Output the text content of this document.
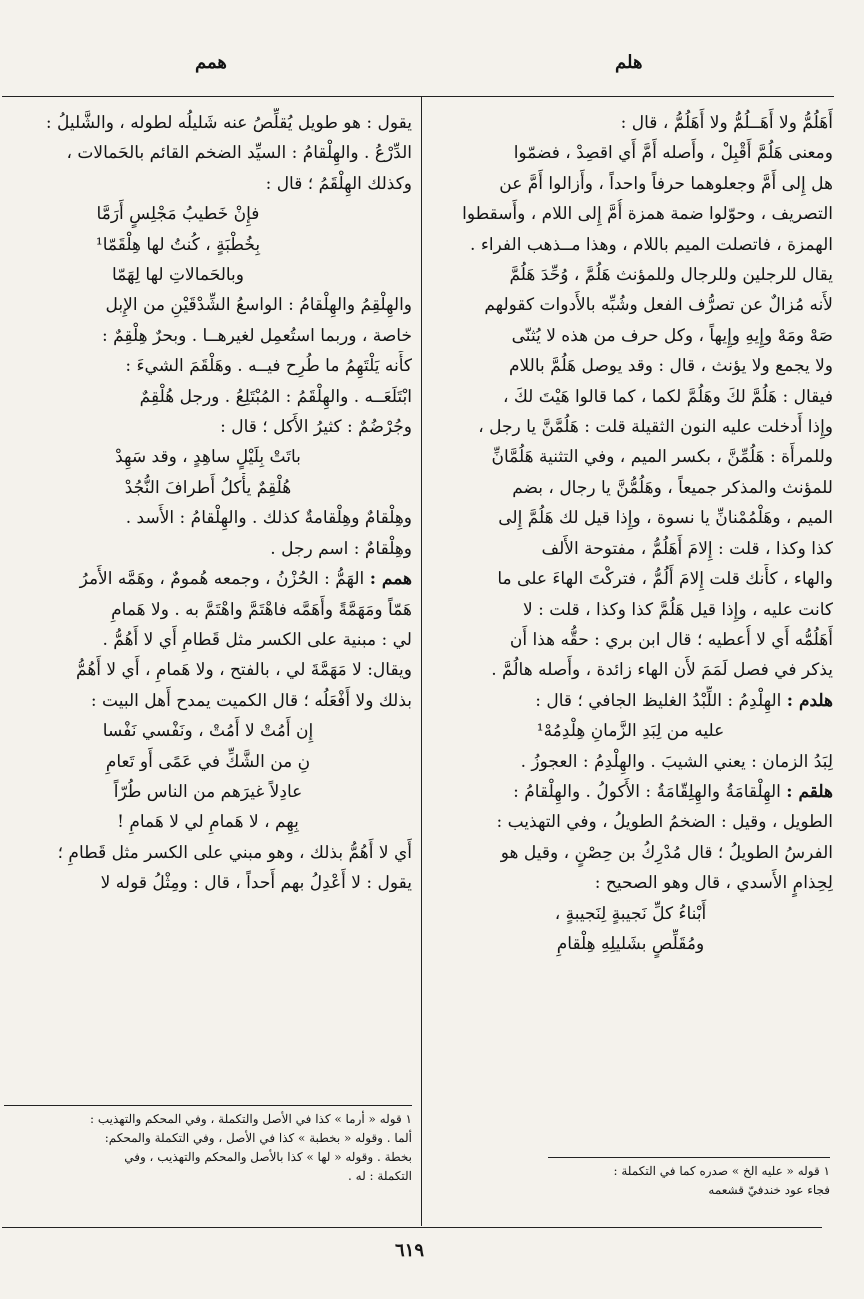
همم	هلم

أَهَلُمُّ ولا أَهَــلُمُّ ولا أَهَلُمُّ ، قال :

ومعنى هَلُمَّ أَقْبِلْ ، وأَصله أَمَّ أَي اقصِدْ ، فضمّوا

هل إِلى أَمَّ وجعلوهما حرفاً واحداً ، وأَزالوا أَمَّ عن

التصريف ، وحوّلوا ضمة همزة أُمَّ إِلى اللام ، وأَسقطوا

الهمزة ، فاتصلت الميم باللام ، وهذا مــذهب الفراء .

يقال للرجلين وللرجال وللمؤنث هَلُمَّ ، وُحِّدَ هَلُمَّ

لأَنه مُزالٌ عن تصرُّف الفعل وشُبِّه بالأَدوات كقولهم

صَهْ ومَهْ وإِيهِ وإِيهاً ، وكل حرف من هذه لا يُثنّى

ولا يجمع ولا يؤنث ، قال : وقد يوصل هَلُمَّ باللام

فيقال : هَلُمَّ لكَ وهَلُمَّ لكما ، كما قالوا هَيْتَ لكَ ،

وإِذا أَدخلت عليه النون الثقيلة قلت : هَلُمَّنَّ يا رجل ،

وللمرأَة : هَلُمِّنَّ ، بكسر الميم ، وفي التثنية هَلُمَّانِّ

للمؤنث والمذكر جميعاً ، وهَلُمُّنَّ يا رجال ، بضم

الميم ، وهَلْمُمْنانِّ يا نسوة ، وإِذا قيل لك هَلُمَّ إِلى

كذا وكذا ، قلت : إِلامَ أَهَلُمُّ ، مفتوحة الأَلف

والهاء ، كأَنك قلت إِلامَ أَلُمُّ ، فتركْتَ الهاءَ على ما

كانت عليه ، وإِذا قيل هَلُمَّ كذا وكذا ، قلت : لا

أَهَلُمُّه أَي لا أُعطيه ؛ قال ابن بري : حقُّه هذا أَن

يذكر في فصل لَمَمَ لأَن الهاء زائدة ، وأَصله هالُمَّ .

هلدم : الهِلْدِمُ : اللِّبْدُ الغليظ الجافي ؛ قال :

عليه من لِبَدِ الزَّمانِ هِلْدِمُهْ¹

لِبَدُ الزمان : يعني الشيبَ . والهِلْدِمُ : العجوزُ .

هلقم : الهِلْقامَةُ والهِلِقّامَةُ : الأَكولُ . والهِلْقامُ :

الطويل ، وقيل : الضخمُ الطويلُ ، وفي التهذيب :

الفرسُ الطويلُ ؛ قال مُدْرِكُ بن حِصْنٍ ، وقيل هو

لِحِذامٍ الأَسدي ، قال وهو الصحيح :

أَبْناءُ كلِّ نَجيبةٍ لِنَجيبةٍ ،

ومُقَلِّصٍ بشَليلِهِ هِلْقامِ

يقول : هو طويل يُقلِّصُ عنه شَليلُه لطوله ، والشَّليلُ :

الدِّرْعُ . والهِلْقامُ : السيِّد الضخم القائم بالحَمالات ،

وكذلك الهِلْقَمُ ؛ قال :

فإِنْ خَطيبُ مَجْلِسٍ أَرَمَّا

بِخُطْبَةٍ ، كُنتُ لها هِلْقَمّا¹

وبالحَمالاتِ لها لِهَمّا

والهِلْقِمُ والهِلْقامُ : الواسعُ الشِّدْقَيْنِ من الإِبل

خاصة ، وربما استُعمِل لغيرهــا . وبحرٌ هِلْقِمٌ :

كأَنه يَلْتَهِمُ ما طُرِح فيــه . وهَلْقَمَ الشيءَ :

ابْتَلَعَــه . والهِلْقَمُ : المُبْتَلِعُ . ورجل هُلْقِمٌ

وجُرْضُمٌ : كثيرُ الأَكل ؛ قال :

باتَتْ بِلَيْلٍ ساهِدٍ ، وقد سَهِدْ

هُلْقِمٌ يأْكلُ أَطرافَ النُّجُدْ

وهِلْقامٌ وهِلْقامةٌ كذلك . والهِلْقامُ : الأَسد .

وهِلْقامٌ : اسم رجل .

همم : الهَمُّ : الحُزْنُ ، وجمعه هُمومٌ ، وهَمَّه الأَمرُ

هَمّاً ومَهَمَّةً وأَهَمَّه فاهْتَمَّ واهْتَمَّ به . ولا هَمامِ

لي : مبنية على الكسر مثل قَطامِ أَي لا أَهُمُّ .

ويقال: لا مَهَمَّةَ لي ، بالفتح ، ولا هَمامِ ، أَي لا أَهُمُّ

بذلك ولا أَفْعَلُه ؛ قال الكميت يمدح أَهل البيت :

إِن أَمُتْ لا أَمُتْ ، ونَفْسي نَفْسا

نِ من الشَّكِّ في عَمًى أَو تَعامِ

عادِلاً غيرَهم من الناس طُرّاً

بِهِم ، لا هَمامِ لي لا هَمامِ !

أَي لا أَهُمُّ بذلك ، وهو مبني على الكسر مثل قَطامِ ؛

يقول : لا أَعْدِلُ بهم أَحداً ، قال : ومِثْلُ قوله لا

١ قوله « أرما » كذا في الأصل والتكملة ، وفي المحكم والتهذيب :

ألما . وقوله « بخطبة » كذا في الأصل ، وفي التكملة والمحكم:

بخطة . وقوله « لها » كذا بالأصل والمحكم والتهذيب ، وفي

التكملة : له .	١ قوله « عليه الخ » صدره كما في التكملة :

فجاء عود خندفيّ قشعمه

٦١٩
